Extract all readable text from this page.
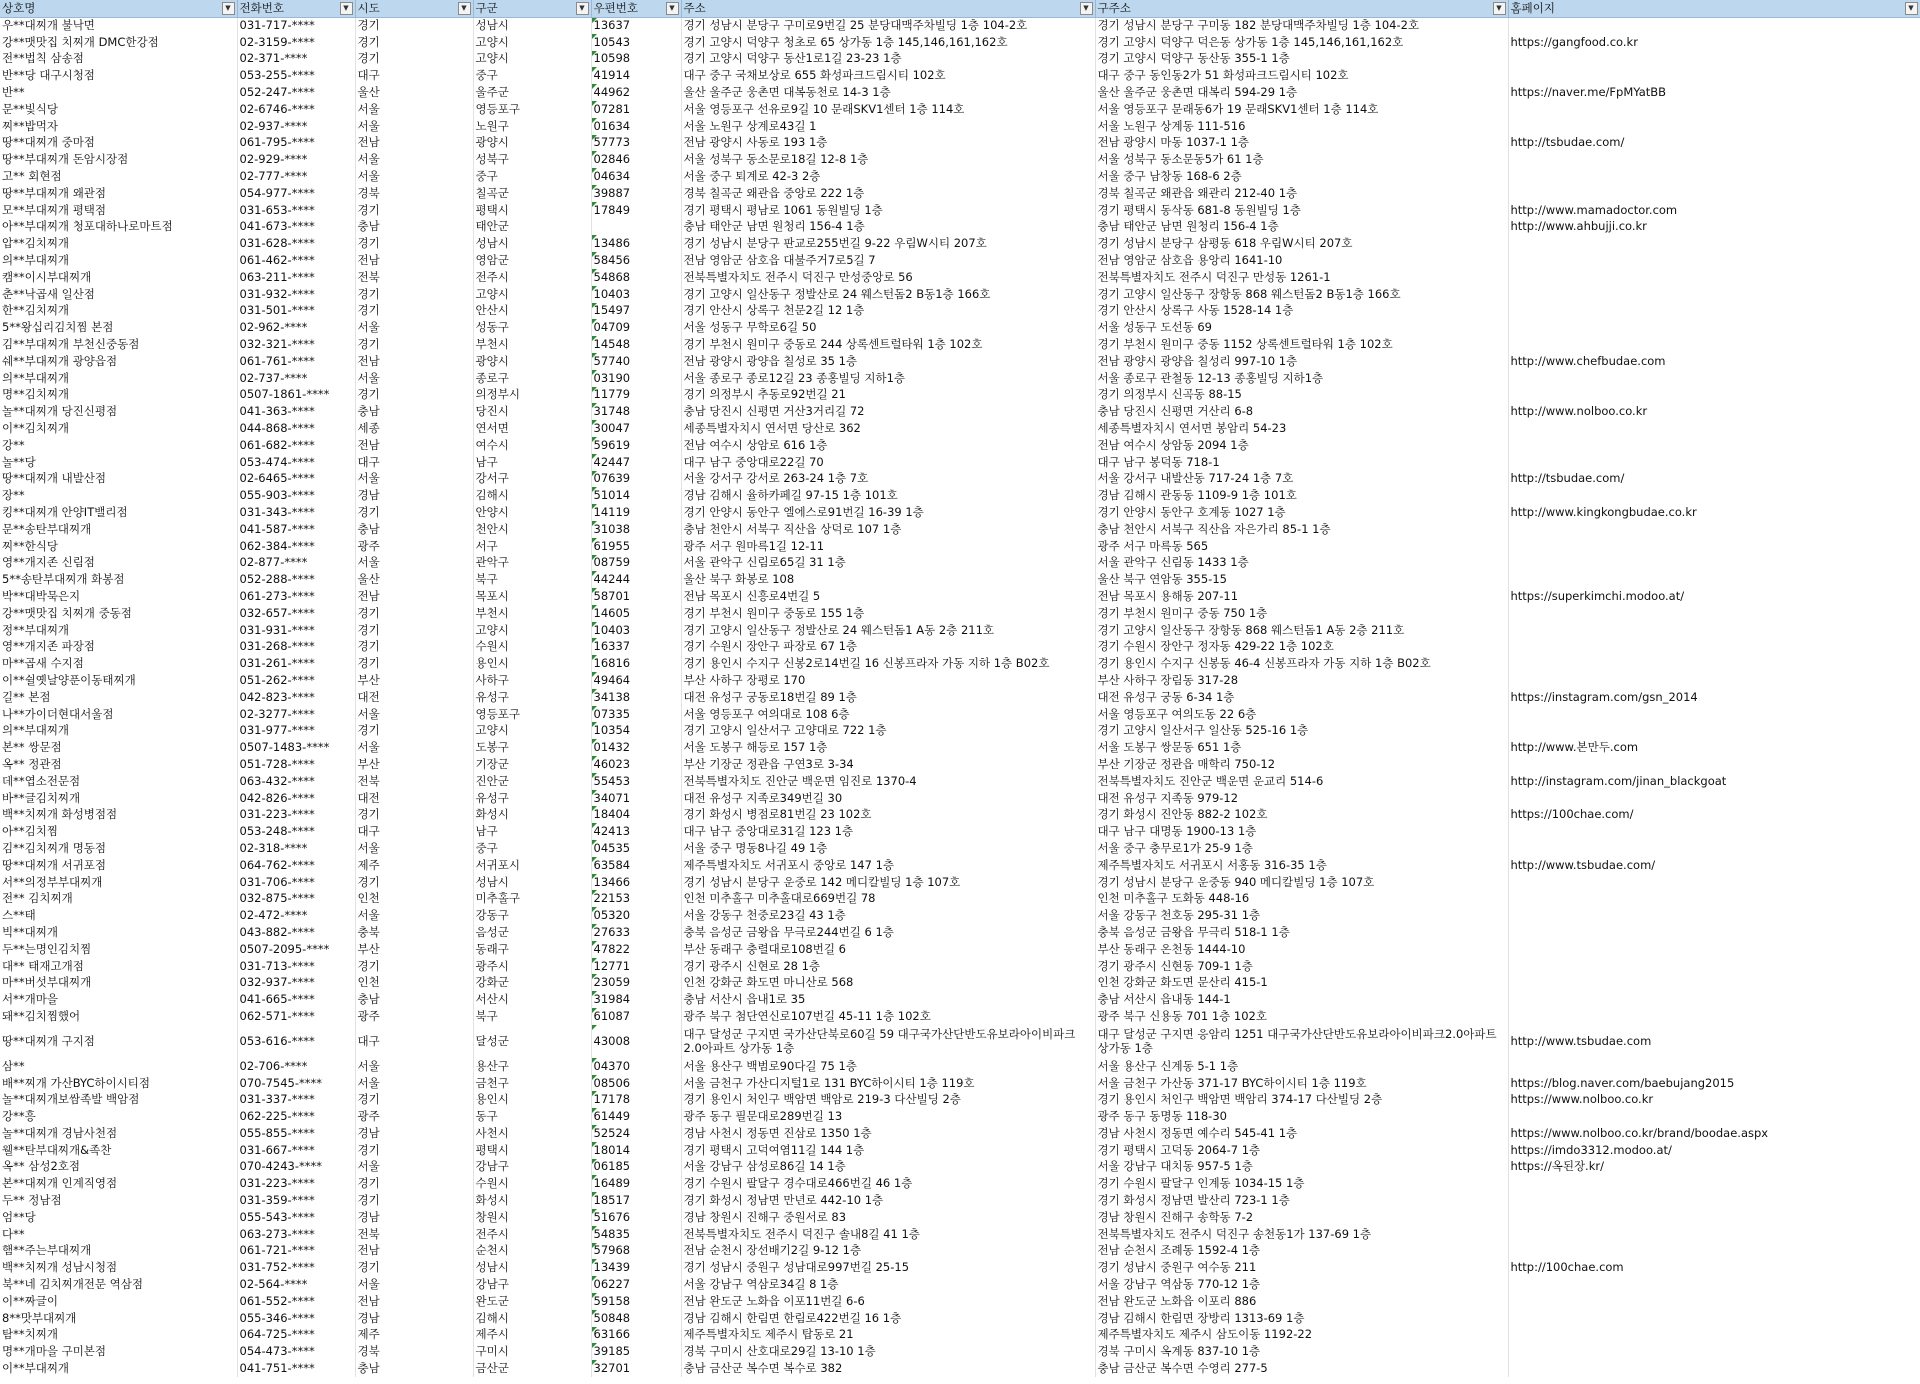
상호명 ▼	전화번호 ▼	시도 ▼	구군 ▼	우편번호 ▼	주소 ▼	구주소 ▼	홈페이지 ▼

우**대찌개 불낙면	031-717-****	경기	성남시	13637	경기 성남시 분당구 구미로9번길 25 분당대맥주차빌딩 1층 104-2호	경기 성남시 분당구 구미동 182 분당대맥주차빌딩 1층 104-2호	
강**맷맛집 치찌개 DMC한강점	02-3159-****	경기	고양시	10543	경기 고양시 덕양구 청초로 65 상가동 1층 145,146,161,162호	경기 고양시 덕양구 덕은동 상가동 1층 145,146,161,162호	https://gangfood.co.kr
전**법칙 삼송점	02-371-****	경기	고양시	10598	경기 고양시 덕양구 동산1로1길 23-23 1층	경기 고양시 덕양구 동산동 355-1 1층	
반**당 대구시청점	053-255-****	대구	중구	41914	대구 중구 국채보상로 655 화성파크드림시티 102호	대구 중구 동인동2가 51 화성파크드림시티 102호	
반**	052-247-****	울산	울주군	44962	울산 울주군 웅촌면 대복동천로 14-3 1층	울산 울주군 웅촌면 대복리 594-29 1층	https://naver.me/FpMYatBB
문**빛식당	02-6746-****	서울	영등포구	07281	서울 영등포구 선유로9길 10 문래SKV1센터 1층 114호	서울 영등포구 문래동6가 19 문래SKV1센터 1층 114호	
찌**밥먹자	02-937-****	서울	노원구	01634	서울 노원구 상계로43길 1	서울 노원구 상계동 111-516	
땅**대찌개 중마점	061-795-****	전남	광양시	57773	전남 광양시 사동로 193 1층	전남 광양시 마동 1037-1 1층	http://tsbudae.com/
땅**부대찌개 돈암시장점	02-929-****	서울	성북구	02846	서울 성북구 동소문로18길 12-8 1층	서울 성북구 동소문동5가 61 1층	
고** 회현점	02-777-****	서울	중구	04634	서울 중구 퇴계로 42-3 2층	서울 중구 남창동 168-6 2층	
땅**부대찌개 왜관점	054-977-****	경북	칠곡군	39887	경북 칠곡군 왜관읍 중앙로 222 1층	경북 칠곡군 왜관읍 왜관리 212-40 1층	
모**부대찌개 평택점	031-653-****	경기	평택시	17849	경기 평택시 평남로 1061 동원빌딩 1층	경기 평택시 동삭동 681-8 동원빌딩 1층	http://www.mamadoctor.com
아**부대찌개 청포대하나로마트점	041-673-****	충남	태안군		충남 태안군 남면 원청리 156-4 1층	충남 태안군 남면 원청리 156-4 1층	http://www.ahbujji.co.kr
압**김치찌개	031-628-****	경기	성남시	13486	경기 성남시 분당구 판교로255번길 9-22 우림W시티 207호	경기 성남시 분당구 삼평동 618 우림W시티 207호	
의**부대찌개	061-462-****	전남	영암군	58456	전남 영암군 삼호읍 대불주거7로5길 7	전남 영암군 삼호읍 용앙리 1641-10	
캠**이시부대찌개	063-211-****	전북	전주시	54868	전북특별자치도 전주시 덕진구 만성중앙로 56	전북특별자치도 전주시 덕진구 만성동 1261-1	
춘**낙곱새 일산점	031-932-****	경기	고양시	10403	경기 고양시 일산동구 정발산로 24 웨스턴돔2 B동1층 166호	경기 고양시 일산동구 장항동 868 웨스턴돔2 B동1층 166호	
한**김치찌개	031-501-****	경기	안산시	15497	경기 안산시 상록구 천문2길 12 1층	경기 안산시 상록구 사동 1528-14 1층	
5**왕십리김치찜 본점	02-962-****	서울	성동구	04709	서울 성동구 무학로6길 50	서울 성동구 도선동 69	
김**부대찌개 부천신중동점	032-321-****	경기	부천시	14548	경기 부천시 원미구 중동로 244 상록센트럴타워 1층 102호	경기 부천시 원미구 중동 1152 상록센트럴타워 1층 102호	
쉐**부대찌개 광양읍점	061-761-****	전남	광양시	57740	전남 광양시 광양읍 칠성로 35 1층	전남 광양시 광양읍 칠성리 997-10 1층	http://www.chefbudae.com
의**부대찌개	02-737-****	서울	종로구	03190	서울 종로구 종로12길 23 종홍빌딩 지하1층	서울 종로구 관철동 12-13 종홍빌딩 지하1층	
명**김치찌개	0507-1861-****	경기	의정부시	11779	경기 의정부시 추동로92번길 21	경기 의정부시 신곡동 88-15	
놀**대찌개 당진신평점	041-363-****	충남	당진시	31748	충남 당진시 신평면 거산3거리길 72	충남 당진시 신평면 거산리 6-8	http://www.nolboo.co.kr
이**김치찌개	044-868-****	세종	연서면	30047	세종특별자치시 연서면 당산로 362	세종특별자치시 연서면 봉암리 54-23	
강**	061-682-****	전남	여수시	59619	전남 여수시 상암로 616 1층	전남 여수시 상암동 2094 1층	
놀**당	053-474-****	대구	남구	42447	대구 남구 중앙대로22길 70	대구 남구 봉덕동 718-1	
땅**대찌개 내발산점	02-6465-****	서울	강서구	07639	서울 강서구 강서로 263-24 1층 7호	서울 강서구 내발산동 717-24 1층 7호	http://tsbudae.com/
장**	055-903-****	경남	김해시	51014	경남 김해시 율하카페길 97-15 1층 101호	경남 김해시 관동동 1109-9 1층 101호	
킹**대찌개 안양IT밸리점	031-343-****	경기	안양시	14119	경기 안양시 동안구 엘에스로91번길 16-39 1층	경기 안양시 동안구 호계동 1027 1층	http://www.kingkongbudae.co.kr
문**송탄부대찌개	041-587-****	충남	천안시	31038	충남 천안시 서북구 직산읍 상덕로 107 1층	충남 천안시 서북구 직산읍 자은가리 85-1 1층	
찌**한식당	062-384-****	광주	서구	61955	광주 서구 원마륵1길 12-11	광주 서구 마륵동 565	
영**개지존 신림점	02-877-****	서울	관악구	08759	서울 관악구 신림로65길 31 1층	서울 관악구 신림동 1433 1층	
5**송탄부대찌개 화봉점	052-288-****	울산	북구	44244	울산 북구 화봉로 108	울산 북구 연암동 355-15	
박**대박묵은지	061-273-****	전남	목포시	58701	전남 목포시 신흥로4번길 5	전남 목포시 용해동 207-11	https://superkimchi.modoo.at/
강**맷맛집 치찌개 중동점	032-657-****	경기	부천시	14605	경기 부천시 원미구 중동로 155 1층	경기 부천시 원미구 중동 750 1층	
정**부대찌개	031-931-****	경기	고양시	10403	경기 고양시 일산동구 정발산로 24 웨스턴돔1 A동 2층 211호	경기 고양시 일산동구 장항동 868 웨스턴돔1 A동 2층 211호	
영**개지존 파장점	031-268-****	경기	수원시	16337	경기 수원시 장안구 파장로 67 1층	경기 수원시 장안구 정자동 429-22 1층 102호	
마**곱새 수지점	031-261-****	경기	용인시	16816	경기 용인시 수지구 신봉2로14번길 16 신봉프라자 가동 지하 1층 B02호	경기 용인시 수지구 신봉동 46-4 신봉프라자 가동 지하 1층 B02호	
이**쉴옛날양푼이동태찌개	051-262-****	부산	사하구	49464	부산 사하구 장평로 170	부산 사하구 장림동 317-28	
길** 본점	042-823-****	대전	유성구	34138	대전 유성구 궁동로18번길 89 1층	대전 유성구 궁동 6-34 1층	https://instagram.com/gsn_2014
나**가이더현대서울점	02-3277-****	서울	영등포구	07335	서울 영등포구 여의대로 108 6층	서울 영등포구 여의도동 22 6층	
의**부대찌개	031-977-****	경기	고양시	10354	경기 고양시 일산서구 고양대로 722 1층	경기 고양시 일산서구 일산동 525-16 1층	
본** 쌍문점	0507-1483-****	서울	도봉구	01432	서울 도봉구 해등로 157 1층	서울 도봉구 쌍문동 651 1층	http://www.본만두.com
옥** 정관점	051-728-****	부산	기장군	46023	부산 기장군 정관읍 구연3로 3-34	부산 기장군 정관읍 매학리 750-12	
데**엽소전문점	063-432-****	전북	진안군	55453	전북특별자치도 진안군 백운면 임진로 1370-4	전북특별자치도 진안군 백운면 운교리 514-6	http://instagram.com/jinan_blackgoat
바**글김치찌개	042-826-****	대전	유성구	34071	대전 유성구 지족로349번길 30	대전 유성구 지족동 979-12	
백**치찌개 화성병점점	031-223-****	경기	화성시	18404	경기 화성시 병점로81번길 23 102호	경기 화성시 진안동 882-2 102호	https://100chae.com/
아**김치찜	053-248-****	대구	남구	42413	대구 남구 중앙대로31길 123 1층	대구 남구 대명동 1900-13 1층	
김**김치찌개 명동점	02-318-****	서울	중구	04535	서울 중구 명동8나길 49 1층	서울 중구 충무로1가 25-9 1층	
땅**대찌개 서귀포점	064-762-****	제주	서귀포시	63584	제주특별자치도 서귀포시 중앙로 147 1층	제주특별자치도 서귀포시 서홍동 316-35 1층	http://www.tsbudae.com/
서**의정부부대찌개	031-706-****	경기	성남시	13466	경기 성남시 분당구 운중로 142 메디칼빌딩 1층 107호	경기 성남시 분당구 운중동 940 메디칼빌딩 1층 107호	
전** 김치찌개	032-875-****	인천	미추홀구	22153	인천 미추홀구 미추홀대로669번길 78	인천 미추홀구 도화동 448-16	
스**태	02-472-****	서울	강동구	05320	서울 강동구 천중로23길 43 1층	서울 강동구 천호동 295-31 1층	
빅**대찌개	043-882-****	충북	음성군	27633	충북 음성군 금왕읍 무극로244번길 6 1층	충북 음성군 금왕읍 무극리 518-1 1층	
두**는명인김치찜	0507-2095-****	부산	동래구	47822	부산 동래구 충렬대로108번길 6	부산 동래구 온천동 1444-10	
대** 태재고개점	031-713-****	경기	광주시	12771	경기 광주시 신현로 28 1층	경기 광주시 신현동 709-1 1층	
마**버섯부대찌개	032-937-****	인천	강화군	23059	인천 강화군 화도면 마니산로 568	인천 강화군 화도면 문산리 415-1	
서**개마을	041-665-****	충남	서산시	31984	충남 서산시 읍내1로 35	충남 서산시 읍내동 144-1	
돼**김치찜했어	062-571-****	광주	북구	61087	광주 북구 첨단연신로107번길 45-11 1층 102호	광주 북구 신용동 701 1층 102호	
땅**대찌개 구지점	053-616-****	대구	달성군	43008	대구 달성군 구지면 국가산단북로60길 59 대구국가산단반도유보라아이비파크2.0아파트 상가동 1층	대구 달성군 구지면 응암리 1251 대구국가산단반도유보라아이비파크2.0아파트 상가동 1층	http://www.tsbudae.com
삼**	02-706-****	서울	용산구	04370	서울 용산구 백범로90다길 75 1층	서울 용산구 신계동 5-1 1층	
배**찌개 가산BYC하이시티점	070-7545-****	서울	금천구	08506	서울 금천구 가산디지털1로 131 BYC하이시티 1층 119호	서울 금천구 가산동 371-17 BYC하이시티 1층 119호	https://blog.naver.com/baebujang2015
놀**대찌개보쌈족발 백암점	031-337-****	경기	용인시	17178	경기 용인시 처인구 백암면 백암로 219-3 다산빌딩 2층	경기 용인시 처인구 백암면 백암리 374-17 다산빌딩 2층	https://www.nolboo.co.kr
강**흥	062-225-****	광주	동구	61449	광주 동구 필문대로289번길 13	광주 동구 동명동 118-30	
놀**대찌개 경남사천점	055-855-****	경남	사천시	52524	경남 사천시 정동면 진삼로 1350 1층	경남 사천시 정동면 예수리 545-41 1층	https://www.nolboo.co.kr/brand/boodae.aspx
웰**탄부대찌개&족찬	031-667-****	경기	평택시	18014	경기 평택시 고덕여염11길 144 1층	경기 평택시 고덕동 2064-7 1층	https://imdo3312.modoo.at/
옥** 삼성2호점	070-4243-****	서울	강남구	06185	서울 강남구 삼성로86길 14 1층	서울 강남구 대치동 957-5 1층	https://옥된장.kr/
본**대찌개 인계직영점	031-223-****	경기	수원시	16489	경기 수원시 팔달구 경수대로466번길 46 1층	경기 수원시 팔달구 인계동 1034-15 1층	
두** 정남점	031-359-****	경기	화성시	18517	경기 화성시 정남면 만년로 442-10 1층	경기 화성시 정남면 발산리 723-1 1층	
엄**당	055-543-****	경남	창원시	51676	경남 창원시 진해구 중원서로 83	경남 창원시 진해구 송학동 7-2	
다**	063-273-****	전북	전주시	54835	전북특별자치도 전주시 덕진구 솔내8길 41 1층	전북특별자치도 전주시 덕진구 송천동1가 137-69 1층	
햄**주는부대찌개	061-721-****	전남	순천시	57968	전남 순천시 장선배기2길 9-12 1층	전남 순천시 조례동 1592-4 1층	
백**치찌개 성남시청점	031-752-****	경기	성남시	13439	경기 성남시 중원구 성남대로997번길 25-15	경기 성남시 중원구 여수동 211	http://100chae.com
북**네 김치찌개전문 역삼점	02-564-****	서울	강남구	06227	서울 강남구 역삼로34길 8 1층	서울 강남구 역삼동 770-12 1층	
이**짜글이	061-552-****	전남	완도군	59158	전남 완도군 노화읍 이포11번길 6-6	전남 완도군 노화읍 이포리 886	
8**맛부대찌개	055-346-****	경남	김해시	50848	경남 김해시 한림면 한림로422번길 16 1층	경남 김해시 한림면 장방리 1313-69 1층	
탐**치찌개	064-725-****	제주	제주시	63166	제주특별자치도 제주시 탑동로 21	제주특별자치도 제주시 삼도이동 1192-22	
명**개마을 구미본점	054-473-****	경북	구미시	39185	경북 구미시 산호대로29길 13-10 1층	경북 구미시 옥계동 837-10 1층	
이**부대찌개	041-751-****	충남	금산군	32701	충남 금산군 복수면 복수로 382	충남 금산군 복수면 수영리 277-5	
